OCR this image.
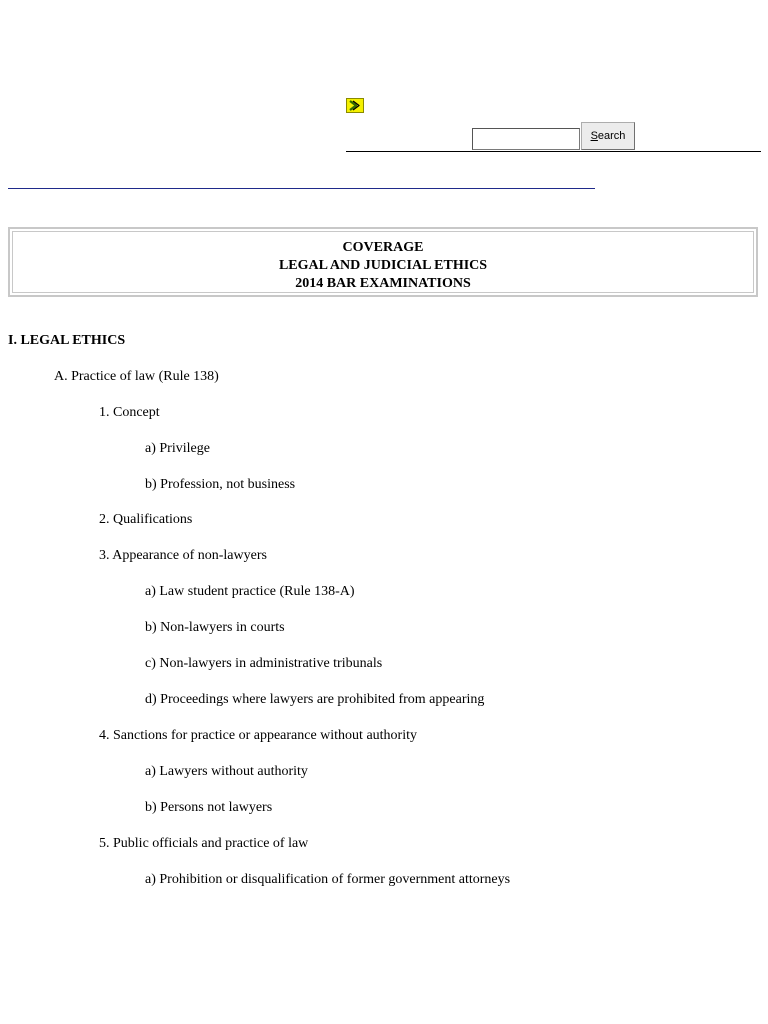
Search
COVERAGE
LEGAL AND JUDICIAL ETHICS
2014 BAR EXAMINATIONS
I. LEGAL ETHICS
A. Practice of law (Rule 138)
1. Concept
a) Privilege
b) Profession, not business
2. Qualifications
3. Appearance of non-lawyers
a) Law student practice (Rule 138-A)
b) Non-lawyers in courts
c) Non-lawyers in administrative tribunals
d) Proceedings where lawyers are prohibited from appearing
4. Sanctions for practice or appearance without authority
a) Lawyers without authority
b) Persons not lawyers
5. Public officials and practice of law
a) Prohibition or disqualification of former government attorneys
